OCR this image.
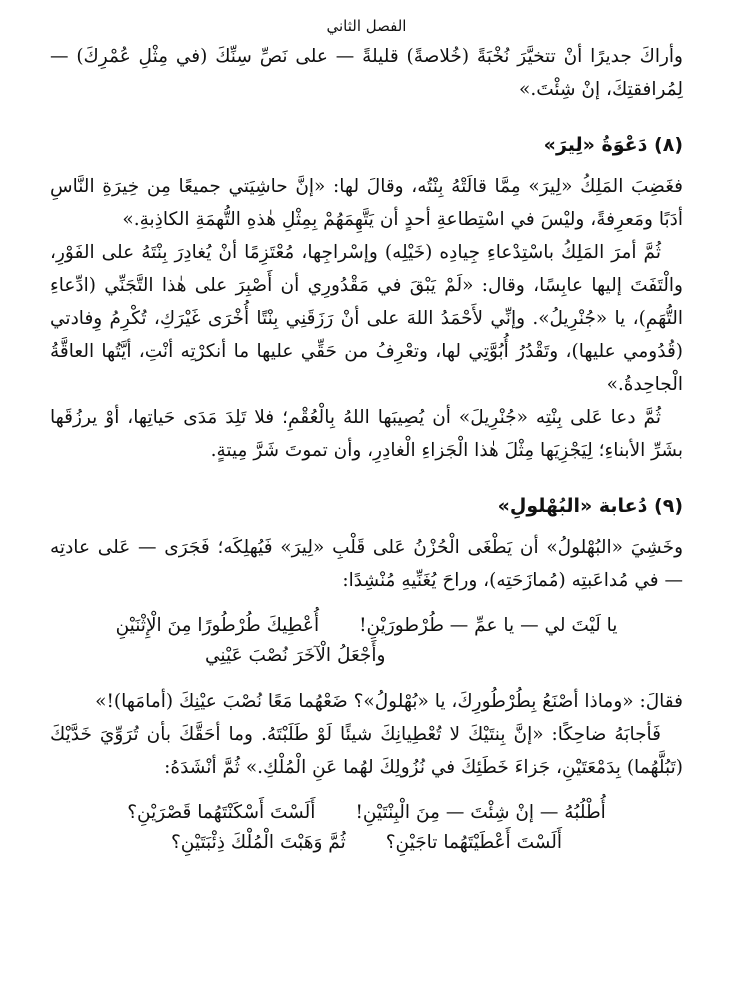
الفصل الثاني

وأراكَ جديرًا أنْ تتخيَّرَ نُخْبَةً (خُلاصةً) قليلةً — على نَصِّ سِنِّكَ (في مِثْلِ عُمْرِكَ) — لِمُرافقتِكَ، إنْ شِئْتَ.»

(٨) دَعْوَةُ «لِيرَ»

فغَضِبَ المَلِكُ «لِيرَ» مِمَّا قالَتْهُ بِنْتُه، وقالَ لها: «إنَّ حاشِيَتي جميعًا مِن خِيرَةِ النَّاسِ أدَبًا ومَعرِفةً، وليْسَ في اسْتِطاعةِ أحدٍ أن يَتَّهِمَهُمْ بِمِثْلِ هٰذهِ التُّهمَةِ الكاذِبةِ.»

ثُمَّ أمرَ المَلِكُ باسْتِدْعاءِ جِيادِه (خَيْلِه) وإسْراجِها، مُعْتَزِمًا أنْ يُغادِرَ بِنْتَهُ على الفَوْرِ، والْتَفَتَ إليها عابِسًا، وقال: «لَمْ يَبْقَ في مَقْدُورِي أن أَصْبِرَ على هٰذا التَّجَنِّي (ادِّعاءِ التُّهَمِ)، يا «جُنْرِيلُ». وإنِّي لأَحْمَدُ اللهَ على أنْ رَزَقَنِي بِنْتًا أُخْرَى غَيْرَكِ، تُكْرِمُ وِفادتي (قُدُومي عليها)، وتَقْدُرُ أُبُوَّتِي لها، وتعْرِفُ من حَقِّي عليها ما أنكرْتِه أنْتِ، أيَّتُها العاقَّةُ الْجاحِدةُ.»

ثُمَّ دعا عَلى بِنْتِه «جُنْرِيلَ» أن يُصِيبَها اللهُ بِالْعُقْمِ؛ فلا تَلِدَ مَدَى حَياتِها، أوْ يرزُقَها بشَرِّ الأبناءِ؛ لِيَجْزِيَها مِثْلَ هٰذا الْجَزاءِ الْغادِرِ، وأن تموتَ شَرَّ مِيتةٍ.

(٩) دُعابة «البُهْلولِ»

وخَشِيَ «البُهْلولُ» أن يَطْغَى الْحُزْنُ عَلى قَلْبِ «لِيرَ» فَيُهلِكَه؛ فَجَرَى — عَلى عادتِه — في مُداعَبتِه (مُمازَحَتِه)، وراحَ يُغَنِّيهِ مُنْشِدًا:

يا لَيْتَ لي — يا عمِّ — طُرْطورَيْنِ!
أُعْطِيكَ طُرْطُورًا مِنَ الْإِثْنَيْنِ
وأَجْعَلُ الْآخَرَ نُصْبَ عَيْنِي

فقالَ: «وماذا أصْنَعُ بِطُرْطُورِكَ، يا «بُهْلولُ»؟ ضَعْهُما مَعًا نُصْبَ عيْنِكَ (أمامَها)!»

فَأجابَهُ ضاحِكًا: «إنَّ بِنتَيْكَ لا تُعْطِيانِكَ شيئًا لَوْ طَلَبْتَهُ. وما أحَقَّكَ بأن تُرَوِّيَ خَدَّيْكَ (تَبُلَّهُما) بِدَمْعَتَيْنِ، جَزاءَ خَطَئِكَ في نُزُولِكَ لهُما عَنِ الْمُلْكِ.» ثُمَّ أنْشَدَهُ:

أُطْلُبُهُ — إنْ شِئْتَ — مِنَ الْبِنْتَيْنِ!
أَلَسْتَ أَسْكَنْتَهُما قَصْرَيْنِ؟
أَلَسْتَ أَعْطَيْتَهُما تاجَيْنِ؟
ثُمَّ وَهَبْتَ الْمُلْكَ ذِئْبَتَيْنِ؟
